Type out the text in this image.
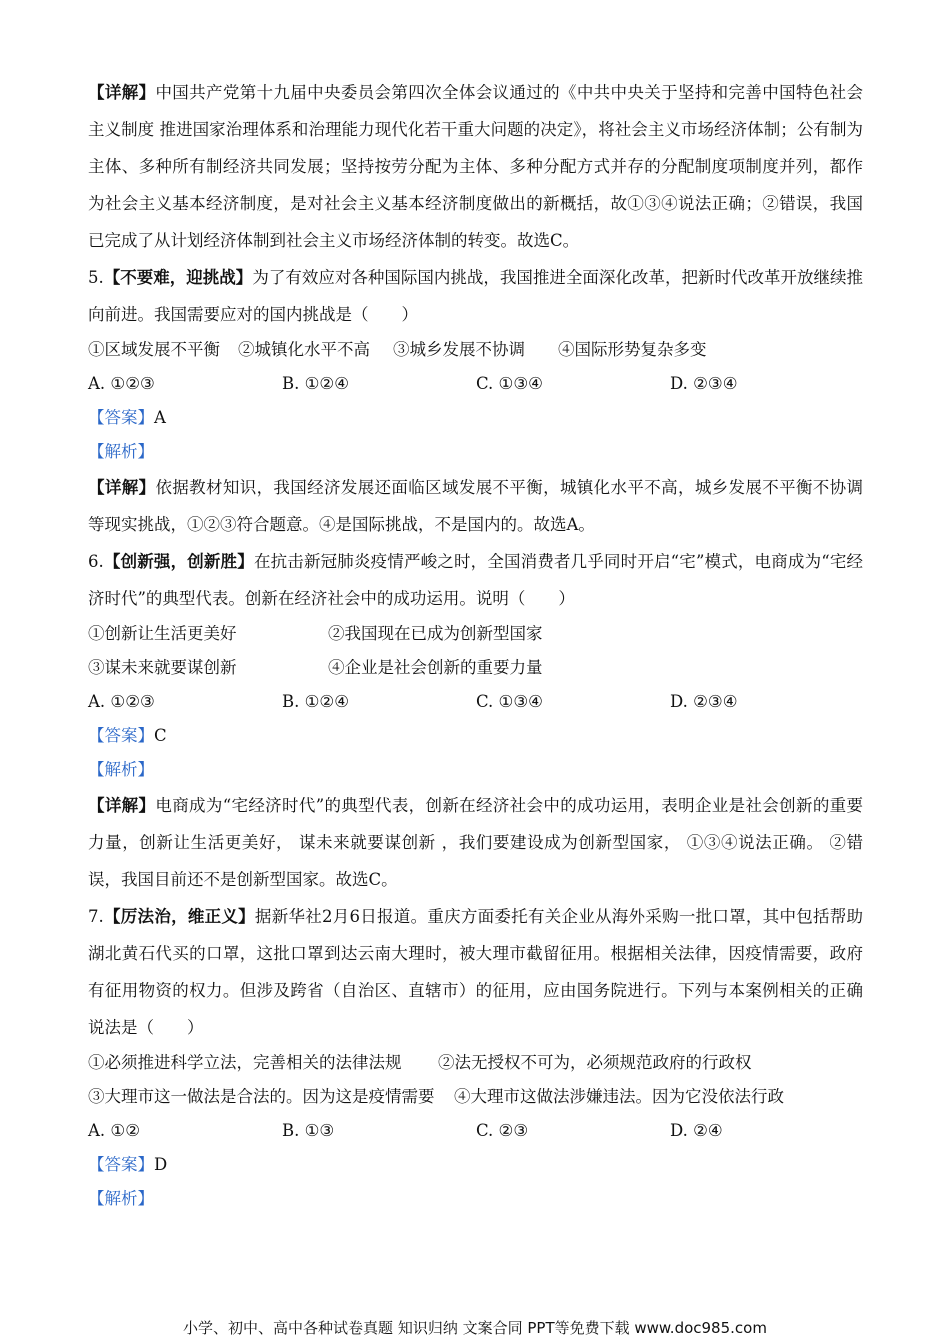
【详解】中国共产党第十九届中央委员会第四次全体会议通过的《中共中央关于坚持和完善中国特色社会主义制度 推进国家治理体系和治理能力现代化若干重大问题的决定》，将社会主义市场经济体制；公有制为主体、多种所有制经济共同发展；坚持按劳分配为主体、多种分配方式并存的分配制度项制度并列，都作为社会主义基本经济制度，是对社会主义基本经济制度做出的新概括，故①③④说法正确；②错误，我国已完成了从计划经济体制到社会主义市场经济体制的转变。故选C。

5.【不要难，迎挑战】为了有效应对各种国际国内挑战，我国推进全面深化改革，把新时代改革开放继续推向前进。我国需要应对的国内挑战是（　　）

①区域发展不平衡	②城镇化水平不高	③城乡发展不协调	④国际形势复杂多变
A. ①②③	B. ①②④	C. ①③④	D. ②③④

【答案】A

【解析】

【详解】依据教材知识，我国经济发展还面临区域发展不平衡，城镇化水平不高，城乡发展不平衡不协调等现实挑战，①②③符合题意。④是国际挑战，不是国内的。故选A。

6.【创新强，创新胜】在抗击新冠肺炎疫情严峻之时，全国消费者几乎同时开启“宅”模式，电商成为“宅经济时代”的典型代表。创新在经济社会中的成功运用。说明（　　）

①创新让生活更美好	②我国现在已成为创新型国家
③谋未来就要谋创新	④企业是社会创新的重要力量
A. ①②③	B. ①②④	C. ①③④	D. ②③④

【答案】C

【解析】

【详解】电商成为“宅经济时代”的典型代表，创新在经济社会中的成功运用，表明企业是社会创新的重要力量，创新让生活更美好， 谋未来就要谋创新 ，我们要建设成为创新型国家， ①③④说法正确。 ②错误，我国目前还不是创新型国家。故选C。

7.【厉法治，维正义】据新华社2月6日报道。重庆方面委托有关企业从海外采购一批口罩，其中包括帮助湖北黄石代买的口罩，这批口罩到达云南大理时，被大理市截留征用。根据相关法律，因疫情需要，政府有征用物资的权力。但涉及跨省（自治区、直辖市）的征用，应由国务院进行。下列与本案例相关的正确说法是（　　）

①必须推进科学立法，完善相关的法律法规	②法无授权不可为，必须规范政府的行政权
③大理市这一做法是合法的。因为这是疫情需要	④大理市这做法涉嫌违法。因为它没依法行政
A. ①②	B. ①③	C. ②③	D. ②④

【答案】D

【解析】

小学、初中、高中各种试卷真题 知识归纳 文案合同 PPT等免费下载 www.doc985.com
